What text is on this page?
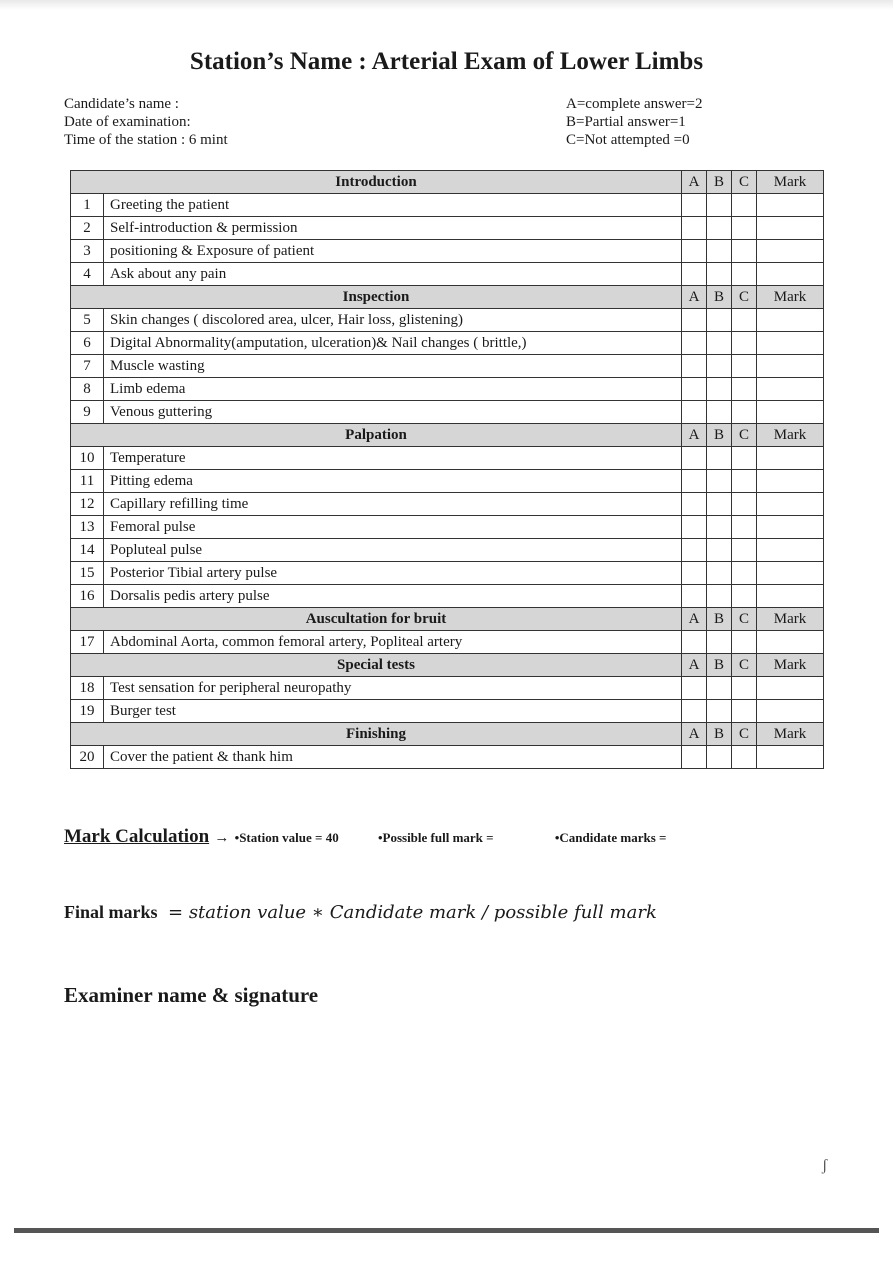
Station’s Name : Arterial Exam of Lower Limbs
Candidate’s name :
Date of examination:
Time of the station : 6 mint
A=complete answer=2
B=Partial answer=1
C=Not attempted =0
Introduction		A	B	C	Mark
1	Greeting the patient				
2	Self-introduction & permission				
3	positioning & Exposure of patient				
4	Ask about any pain				
Inspection		A	B	C	Mark
5	Skin changes ( discolored area, ulcer, Hair loss, glistening)				
6	Digital Abnormality(amputation, ulceration)& Nail changes ( brittle,)				
7	Muscle wasting				
8	Limb edema				
9	Venous guttering				
Palpation		A	B	C	Mark
10	Temperature				
11	Pitting edema				
12	Capillary refilling time				
13	Femoral pulse				
14	Popluteal pulse				
15	Posterior Tibial artery pulse				
16	Dorsalis pedis artery pulse				
Auscultation for bruit		A	B	C	Mark
17	Abdominal Aorta, common femoral artery, Popliteal artery				
Special tests		A	B	C	Mark
18	Test sensation for peripheral neuropathy				
19	Burger test				
Finishing		A	B	C	Mark
20	Cover the patient & thank him				
Mark Calculation → •Station value = 40	•Possible full mark =	•Candidate marks =
Final marks = station value ∗ Candidate mark / possible full mark
Examiner name & signature
ʃ
